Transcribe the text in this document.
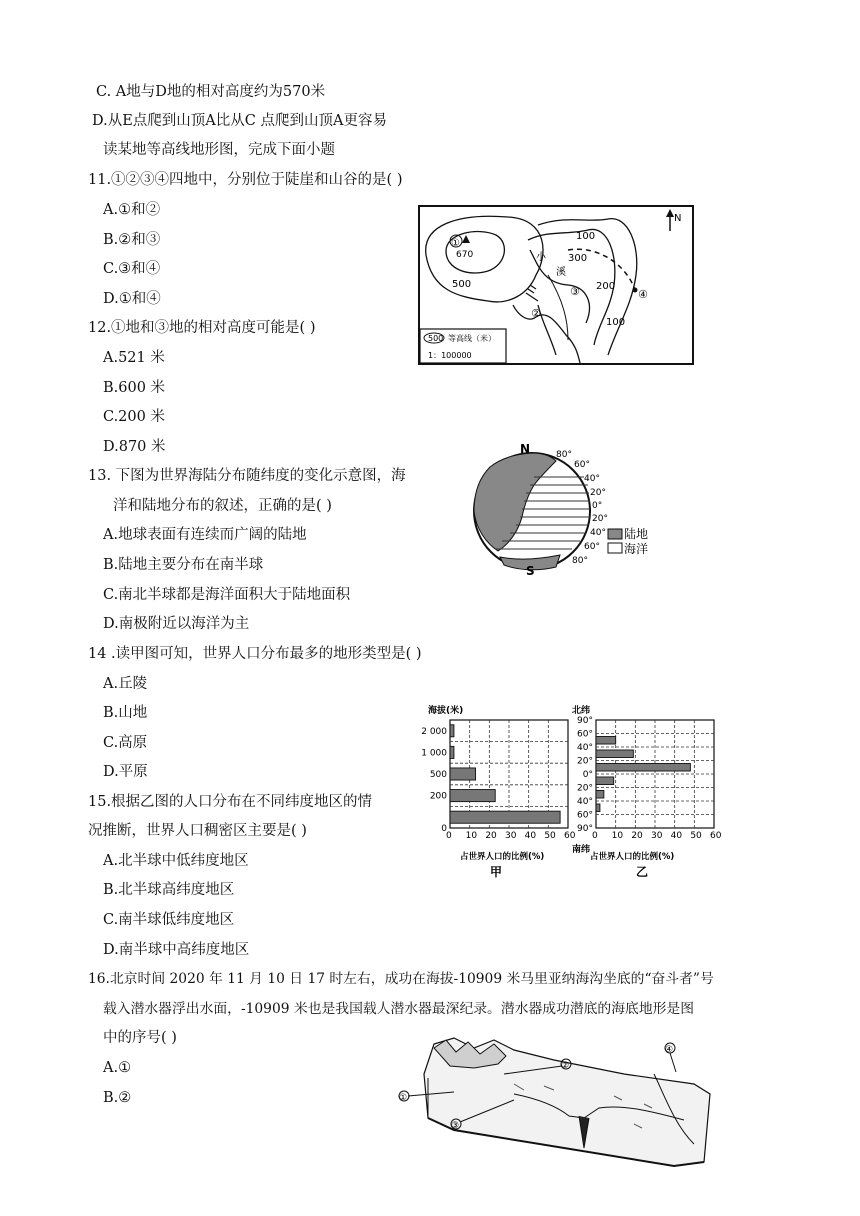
C. A地与D地的相对高度约为570米
D.从E点爬到山顶A比从C 点爬到山顶A更容易
读某地等高线地形图，完成下面小题
11.①②③④四地中，分别位于陡崖和山谷的是( )
A.①和②
B.②和③
C.③和④
D.①和④
12.①地和③地的相对高度可能是( )
A.521 米
B.600 米
C.200 米
D.870 米
13. 下图为世界海陆分布随纬度的变化示意图，海
洋和陆地分布的叙述，正确的是( )
A.地球表面有连续而广阔的陆地
B.陆地主要分布在南半球
C.南北半球都是海洋面积大于陆地面积
D.南极附近以海洋为主
14 .读甲图可知，世界人口分布最多的地形类型是( )
A.丘陵
B.山地
C.高原
D.平原
15.根据乙图的人口分布在不同纬度地区的情
况推断，世界人口稠密区主要是( )
A.北半球中低纬度地区
B.北半球高纬度地区
C.南半球低纬度地区
D.南半球中高纬度地区
16.北京时间 2020 年 11 月 10 日 17 时左右，成功在海拔-10909 米马里亚纳海沟坐底的“奋斗者”号
载入潜水器浮出水面，-10909 米也是我国载人潜水器最深纪录。潜水器成功潜底的海底地形是图
中的序号( )
A.①
B.②
①
670
100
300
500	200
100
小
溪
②
③	④
N
500 等高线（米）
1：100000
N
S
80°
60°
40°
20°
0°
20°
40°
60°
80°
陆地
海洋
海拔(米)
占世界人口的比例(%)
甲
0 10 20 30 40 50 60
2 000
1 000
500
200
0
北纬
南纬
占世界人口的比例(%)
乙
0 10 20 30 40 50 60
90°
60°
40°
20°
0°
20°
40°
60°
90°
①
②
③
④
